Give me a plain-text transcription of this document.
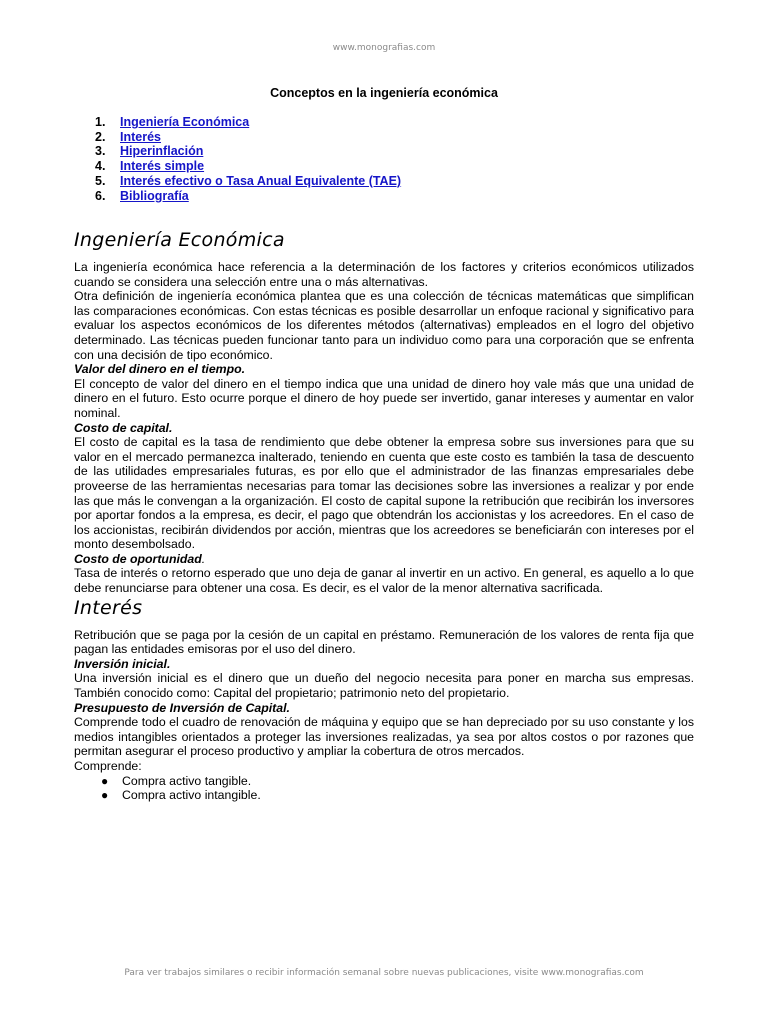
www.monografias.com
Conceptos en la ingeniería económica
1.	Ingeniería Económica
2.	Interés
3.	Hiperinflación
4.	Interés simple
5.	Interés efectivo o Tasa Anual Equivalente (TAE)
6.	Bibliografía
Ingeniería Económica

La ingeniería económica hace referencia a la determinación de los factores y criterios económicos utilizados cuando se considera una selección entre una o más alternativas.

Otra definición de ingeniería económica plantea que es una colección de técnicas matemáticas que simplifican las comparaciones económicas. Con estas técnicas es posible desarrollar un enfoque racional y significativo para evaluar los aspectos económicos de los diferentes métodos (alternativas) empleados en el logro del objetivo determinado. Las técnicas pueden funcionar tanto para un individuo como para una corporación que se enfrenta con una decisión de tipo económico.

Valor del dinero en el tiempo.

El concepto de valor del dinero en el tiempo indica que una unidad de dinero hoy vale más que una unidad de dinero en el futuro. Esto ocurre porque el dinero de hoy puede ser invertido, ganar intereses y aumentar en valor nominal.

Costo de capital.

El costo de capital es la tasa de rendimiento que debe obtener la empresa sobre sus inversiones para que su valor en el mercado permanezca inalterado, teniendo en cuenta que este costo es también la tasa de descuento de las utilidades empresariales futuras, es por ello que el administrador de las finanzas empresariales debe proveerse de las herramientas necesarias para tomar las decisiones sobre las inversiones a realizar y por ende las que más le convengan a la organización. El costo de capital supone la retribución que recibirán los inversores por aportar fondos a la empresa, es decir, el pago que obtendrán los accionistas y los acreedores. En el caso de los accionistas, recibirán dividendos por acción, mientras que los acreedores se beneficiarán con intereses por el monto desembolsado.

Costo de oportunidad.

Tasa de interés o retorno esperado que uno deja de ganar al invertir en un activo. En general, es aquello a lo que debe renunciarse para obtener una cosa. Es decir, es el valor de la menor alternativa sacrificada.

Interés

Retribución que se paga por la cesión de un capital en préstamo. Remuneración de los valores de renta fija que pagan las entidades emisoras por el uso del dinero.

Inversión inicial.

Una inversión inicial es el dinero que un dueño del negocio necesita para poner en marcha sus empresas. También conocido como: Capital del propietario; patrimonio neto del propietario.

Presupuesto de Inversión de Capital.

Comprende todo el cuadro de renovación de máquina y equipo que se han depreciado por su uso constante y los medios intangibles orientados a proteger las inversiones realizadas, ya sea por altos costos o por razones que permitan asegurar el proceso productivo y ampliar la cobertura de otros mercados.

Comprende:

●	Compra activo tangible.
●	Compra activo intangible.
Para ver trabajos similares o recibir información semanal sobre nuevas publicaciones, visite www.monografias.com
